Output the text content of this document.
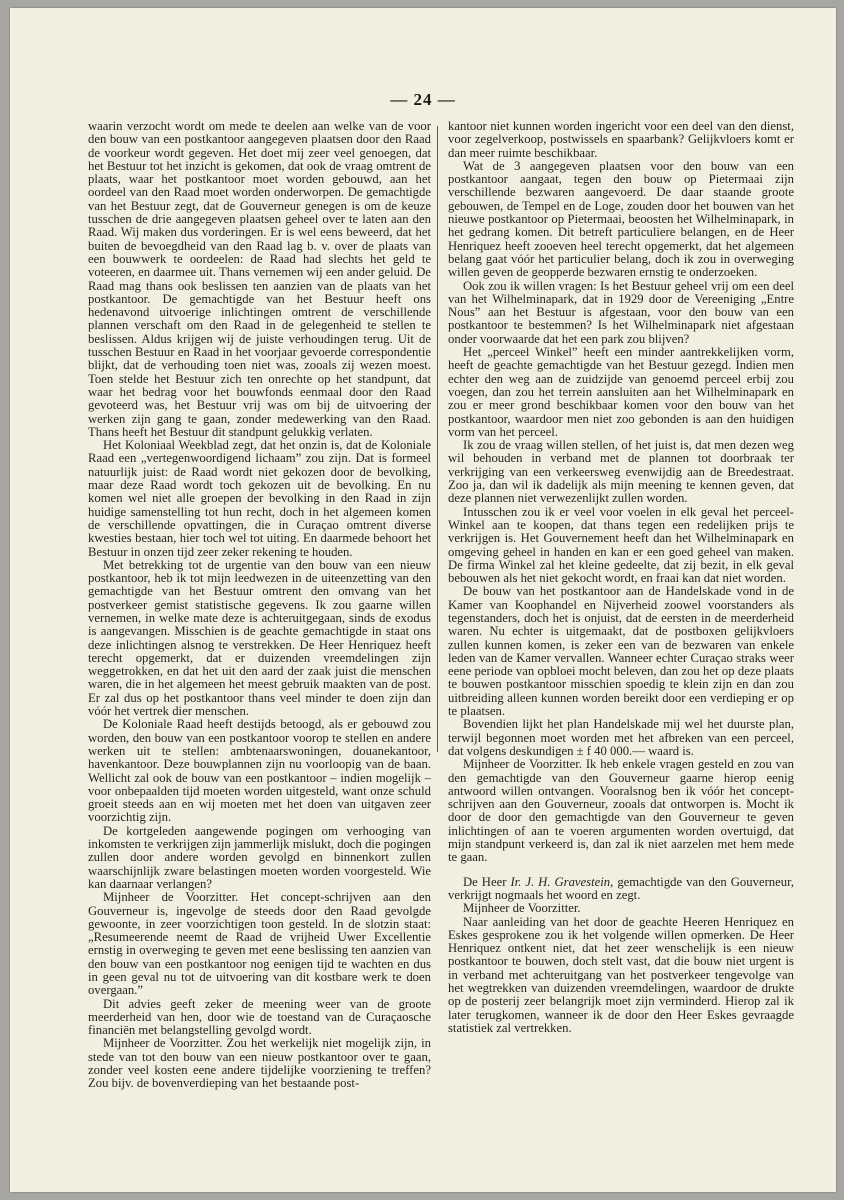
— 24 —

waarin verzocht wordt om mede te deelen aan welke van de voor den bouw van een postkantoor aangegeven plaatsen door den Raad de voorkeur wordt gegeven. Het doet mij zeer veel genoegen, dat het Bestuur tot het inzicht is gekomen, dat ook de vraag omtrent de plaats, waar het postkantoor moet worden gebouwd, aan het oordeel van den Raad moet worden onderworpen. De gemachtigde van het Bestuur zegt, dat de Gouverneur genegen is om de keuze tusschen de drie aangegeven plaatsen geheel over te laten aan den Raad. Wij maken dus vorderingen. Er is wel eens beweerd, dat het buiten de bevoegdheid van den Raad lag b. v. over de plaats van een bouwwerk te oordeelen: de Raad had slechts het geld te voteeren, en daarmee uit. Thans vernemen wij een ander geluid. De Raad mag thans ook beslissen ten aanzien van de plaats van het postkantoor. De gemachtigde van het Bestuur heeft ons hedenavond uitvoerige inlichtingen omtrent de verschillende plannen verschaft om den Raad in de gelegenheid te stellen te beslissen. Aldus krijgen wij de juiste verhoudingen terug. Uit de tusschen Bestuur en Raad in het voorjaar gevoerde correspondentie blijkt, dat de verhouding toen niet was, zooals zij wezen moest. Toen stelde het Bestuur zich ten onrechte op het standpunt, dat waar het bedrag voor het bouwfonds eenmaal door den Raad gevoteerd was, het Bestuur vrij was om bij de uitvoering der werken zijn gang te gaan, zonder medewerking van den Raad. Thans heeft het Bestuur dit standpunt gelukkig verlaten.

Het Koloniaal Weekblad zegt, dat het onzin is, dat de Koloniale Raad een „vertegenwoordigend lichaam” zou zijn. Dat is formeel natuurlijk juist: de Raad wordt niet gekozen door de bevolking, maar deze Raad wordt toch gekozen uit de bevolking. En nu komen wel niet alle groepen der bevolking in den Raad in zijn huidige samenstelling tot hun recht, doch in het algemeen komen de verschillende opvattingen, die in Curaçao omtrent diverse kwesties bestaan, hier toch wel tot uiting. En daarmede behoort het Bestuur in onzen tijd zeer zeker rekening te houden.

Met betrekking tot de urgentie van den bouw van een nieuw postkantoor, heb ik tot mijn leedwezen in de uiteenzetting van den gemachtigde van het Bestuur omtrent den omvang van het postverkeer gemist statistische gegevens. Ik zou gaarne willen vernemen, in welke mate deze is achteruitgegaan, sinds de exodus is aangevangen. Misschien is de geachte gemachtigde in staat ons deze inlichtingen alsnog te verstrekken. De Heer Henriquez heeft terecht opgemerkt, dat er duizenden vreemdelingen zijn weggetrokken, en dat het uit den aard der zaak juist die menschen waren, die in het algemeen het meest gebruik maakten van de post. Er zal dus op het postkantoor thans veel minder te doen zijn dan vóór het vertrek dier menschen.

De Koloniale Raad heeft destijds betoogd, als er gebouwd zou worden, den bouw van een postkantoor voorop te stellen en andere werken uit te stellen: ambtenaarswoningen, douanekantoor, havenkantoor. Deze bouwplannen zijn nu voorloopig van de baan. Wellicht zal ook de bouw van een postkantoor – indien mogelijk – voor onbepaalden tijd moeten worden uitgesteld, want onze schuld groeit steeds aan en wij moeten met het doen van uitgaven zeer voorzichtig zijn.

De kortgeleden aangewende pogingen om verhooging van inkomsten te verkrijgen zijn jammerlijk mislukt, doch die pogingen zullen door andere worden gevolgd en binnenkort zullen waarschijnlijk zware belastingen moeten worden voorgesteld. Wie kan daarnaar verlangen?

Mijnheer de Voorzitter. Het concept-schrijven aan den Gouverneur is, ingevolge de steeds door den Raad gevolgde gewoonte, in zeer voorzichtigen toon gesteld. In de slotzin staat: „Resumeerende neemt de Raad de vrijheid Uwer Excellentie ernstig in overweging te geven met eene beslissing ten aanzien van den bouw van een postkantoor nog eenigen tijd te wachten en dus in geen geval nu tot de uitvoering van dit kostbare werk te doen overgaan.”

Dit advies geeft zeker de meening weer van de groote meerderheid van hen, door wie de toestand van de Curaçaosche financiën met belangstelling gevolgd wordt.

Mijnheer de Voorzitter. Zou het werkelijk niet mogelijk zijn, in stede van tot den bouw van een nieuw postkantoor over te gaan, zonder veel kosten eene andere tijdelijke voorziening te treffen? Zou bijv. de bovenverdieping van het bestaande post-

kantoor niet kunnen worden ingericht voor een deel van den dienst, voor zegelverkoop, postwissels en spaarbank? Gelijkvloers komt er dan meer ruimte beschikbaar.

Wat de 3 aangegeven plaatsen voor den bouw van een postkantoor aangaat, tegen den bouw op Pietermaai zijn verschillende bezwaren aangevoerd. De daar staande groote gebouwen, de Tempel en de Loge, zouden door het bouwen van het nieuwe postkantoor op Pietermaai, beoosten het Wilhelminapark, in het gedrang komen. Dit betreft particuliere belangen, en de Heer Henriquez heeft zooeven heel terecht opgemerkt, dat het algemeen belang gaat vóór het particulier belang, doch ik zou in overweging willen geven de geopperde bezwaren ernstig te onderzoeken.

Ook zou ik willen vragen: Is het Bestuur geheel vrij om een deel van het Wilhelminapark, dat in 1929 door de Vereeniging „Entre Nous” aan het Bestuur is afgestaan, voor den bouw van een postkantoor te bestemmen? Is het Wilhelminapark niet afgestaan onder voorwaarde dat het een park zou blijven?

Het „perceel Winkel” heeft een minder aantrekkelijken vorm, heeft de geachte gemachtigde van het Bestuur gezegd. Indien men echter den weg aan de zuidzijde van genoemd perceel erbij zou voegen, dan zou het terrein aansluiten aan het Wilhelminapark en zou er meer grond beschikbaar komen voor den bouw van het postkantoor, waardoor men niet zoo gebonden is aan den huidigen vorm van het perceel.

Ik zou de vraag willen stellen, of het juist is, dat men dezen weg wil behouden in verband met de plannen tot doorbraak ter verkrijging van een verkeersweg evenwijdig aan de Breedestraat. Zoo ja, dan wil ik dadelijk als mijn meening te kennen geven, dat deze plannen niet verwezenlijkt zullen worden.

Intusschen zou ik er veel voor voelen in elk geval het perceel-Winkel aan te koopen, dat thans tegen een redelijken prijs te verkrijgen is. Het Gouvernement heeft dan het Wilhelminapark en omgeving geheel in handen en kan er een goed geheel van maken. De firma Winkel zal het kleine gedeelte, dat zij bezit, in elk geval bebouwen als het niet gekocht wordt, en fraai kan dat niet worden.

De bouw van het postkantoor aan de Handelskade vond in de Kamer van Koophandel en Nijverheid zoowel voorstanders als tegenstanders, doch het is onjuist, dat de eersten in de meerderheid waren. Nu echter is uitgemaakt, dat de postboxen gelijkvloers zullen kunnen komen, is zeker een van de bezwaren van enkele leden van de Kamer vervallen. Wanneer echter Curaçao straks weer eene periode van opbloei mocht beleven, dan zou het op deze plaats te bouwen postkantoor misschien spoedig te klein zijn en dan zou uitbreiding alleen kunnen worden bereikt door een verdieping er op te plaatsen.

Bovendien lijkt het plan Handelskade mij wel het duurste plan, terwijl begonnen moet worden met het afbreken van een perceel, dat volgens deskundigen ± f 40 000.— waard is.

Mijnheer de Voorzitter. Ik heb enkele vragen gesteld en zou van den gemachtigde van den Gouverneur gaarne hierop eenig antwoord willen ontvangen. Vooralsnog ben ik vóór het concept-schrijven aan den Gouverneur, zooals dat ontworpen is. Mocht ik door de door den gemachtigde van den Gouverneur te geven inlichtingen of aan te voeren argumenten worden overtuigd, dat mijn standpunt verkeerd is, dan zal ik niet aarzelen met hem mede te gaan.

De Heer Ir. J. H. Gravestein, gemachtigde van den Gouverneur, verkrijgt nogmaals het woord en zegt.

Mijnheer de Voorzitter.

Naar aanleiding van het door de geachte Heeren Henriquez en Eskes gesprokene zou ik het volgende willen opmerken. De Heer Henriquez ontkent niet, dat het zeer wenschelijk is een nieuw postkantoor te bouwen, doch stelt vast, dat die bouw niet urgent is in verband met achteruitgang van het postverkeer tengevolge van het wegtrekken van duizenden vreemdelingen, waardoor de drukte op de posterij zeer belangrijk moet zijn verminderd. Hierop zal ik later terugkomen, wanneer ik de door den Heer Eskes gevraagde statistiek zal vertrekken.
